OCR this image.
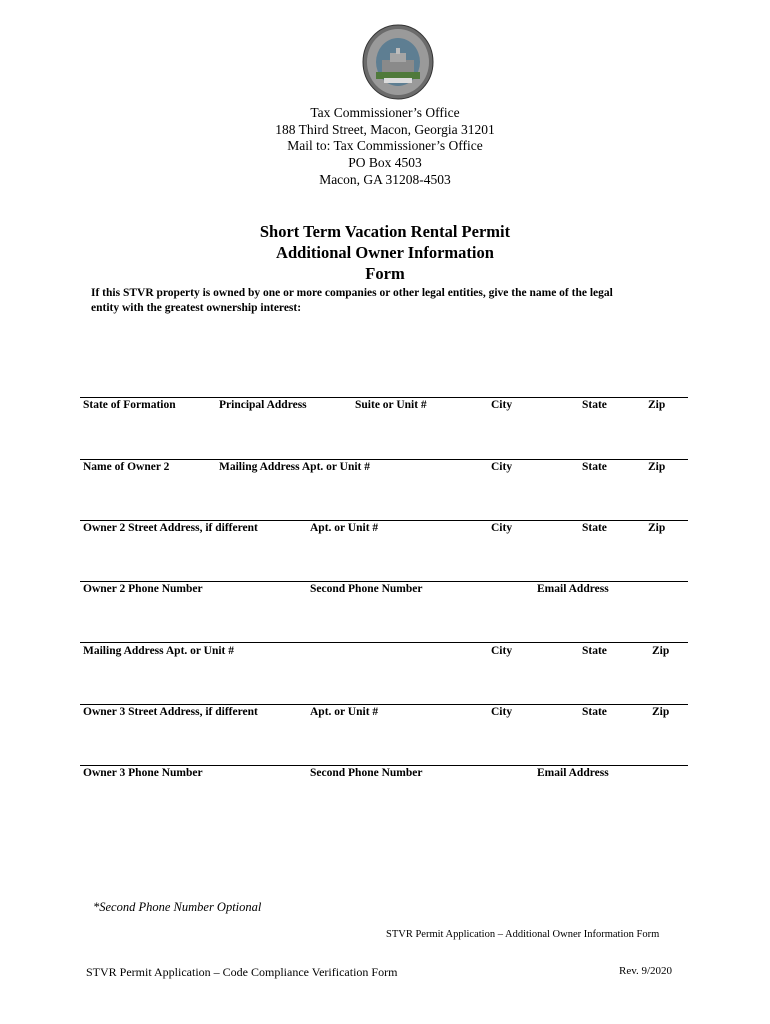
Tax Commissioner’s Office
188 Third Street, Macon, Georgia 31201
Mail to: Tax Commissioner’s Office
PO Box 4503
Macon, GA 31208-4503
Short Term Vacation Rental Permit
Additional Owner Information
Form
If this STVR property is owned by one or more companies or other legal entities, give the name of the legal
entity with the greatest ownership interest:
State of Formation	Principal Address	Suite or Unit #	City	State	Zip
Name of Owner 2	Mailing Address Apt. or Unit #	City	State	Zip
Owner 2 Street Address, if different	Apt. or Unit #	City	State	Zip
Owner 2 Phone Number	Second Phone Number	Email Address
Mailing Address Apt. or Unit #	City	State	Zip
Owner 3 Street Address, if different	Apt. or Unit #	City	State	Zip
Owner 3 Phone Number	Second Phone Number	Email Address
*Second Phone Number Optional
STVR Permit Application – Additional Owner Information Form
STVR Permit Application – Code Compliance Verification Form	Rev. 9/2020
